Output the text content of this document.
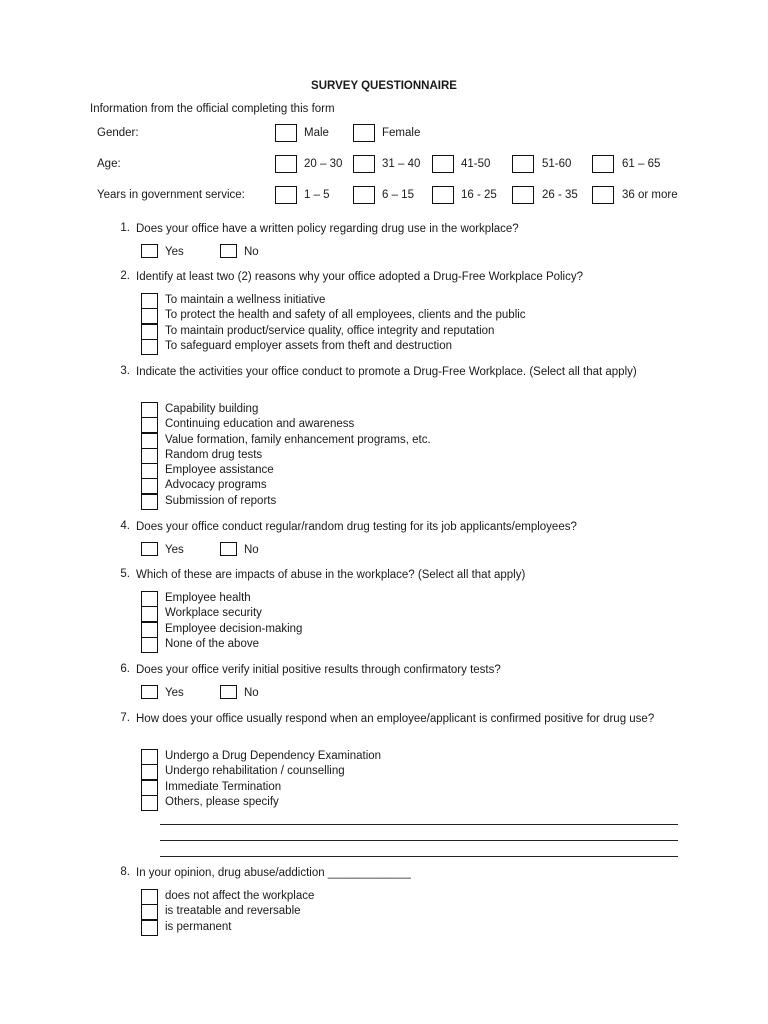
SURVEY QUESTIONNAIRE
Information from the official completing this form
Gender:	Male	Female
Age:	20 – 30	31 – 40	41-50	51-60	61 – 65
Years in government service:	1 – 5	6 – 15	16 - 25	26 - 35	36 or more
1. Does your office have a written policy regarding drug use in the workplace?
Yes	No
2. Identify at least two (2) reasons why your office adopted a Drug-Free Workplace Policy?
To maintain a wellness initiative
To protect the health and safety of all employees, clients and the public
To maintain product/service quality, office integrity and reputation
To safeguard employer assets from theft and destruction
3. Indicate the activities your office conduct to promote a Drug-Free Workplace. (Select all that apply)
Capability building
Continuing education and awareness
Value formation, family enhancement programs, etc.
Random drug tests
Employee assistance
Advocacy programs
Submission of reports
4. Does your office conduct regular/random drug testing for its job applicants/employees?
Yes	No
5. Which of these are impacts of abuse in the workplace? (Select all that apply)
Employee health
Workplace security
Employee decision-making
None of the above
6. Does your office verify initial positive results through confirmatory tests?
Yes	No
7. How does your office usually respond when an employee/applicant is confirmed positive for drug use?
Undergo a Drug Dependency Examination
Undergo rehabilitation / counselling
Immediate Termination
Others, please specify
8. In your opinion, drug abuse/addiction _____________
does not affect the workplace
is treatable and reversable
is permanent
